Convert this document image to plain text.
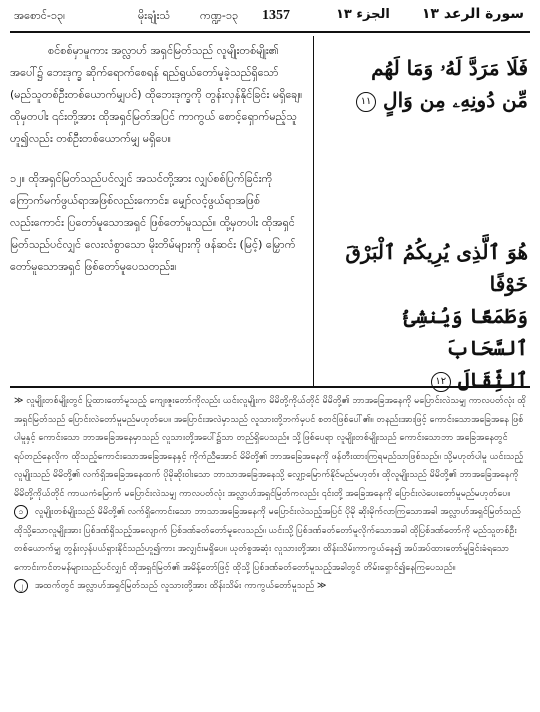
အစောင်-၁၃၊	မိုးချုံးသံ	ကဏ္ဍ-၁၃ 1357	الجزء ۱۳ سورة الرعد ۱۳

စင်စစ်မှာမူကား အလ္လာဟ် အရှင်မြတ်သည် လူမျိုးတစ်မျိုး၏ အပေါ်၌ ဘေးဒုက္ခ ဆိုက်ရောက်စေရန် ရည်ရွယ်တော်မူခဲ့သည်ရှိသော် (မည်သူတစ်ဦးတစ်ယောက်မျှပင်) ထိုဘေးဒုက္ခကို တွန်းလှန်နိုင်ခြင်း မရှိချေ။ ထိုမှတပါး ၎င်းတို့အား ထိုအရှင်မြတ်အပြင် ကာကွယ် စောင့်ရှောက်မည့်သူ ဟူ၍လည်း တစ်ဦးတစ်ယောက်မျှ မရှိပေ။

၁၂။ ထိုအရှင်မြတ်သည်ပင်လျှင် အသင်တို့အား လျှပ်စစ်ပြက်ခြင်းကို ကြောက်မက်ဖွယ်ရာအဖြစ်လည်းကောင်း၊ မျှော်လင့်ဖွယ်ရာအဖြစ်လည်းကောင်း ပြတော်မူသောအရှင် ဖြစ်တော်မူသည်။ ထို့မှတပါး ထိုအရှင်မြတ်သည်ပင်လျှင် လေးလံစွာသော မိုးတိမ်များကို ဖန်ဆင်း (မြင့်) မြှောက်တော်မူသောအရှင် ဖြစ်တော်မူပေသတည်း။

فَلَا مَرَدَّ لَهُۥ وَمَا لَهُم

مِّن دُونِهِۦ مِن وَالٍ ١١

هُوَ ٱلَّذِى يُرِيكُمُ ٱلْبَرْقَ خَوْفًا

وَطَمَعًا وَيُنشِئُ ٱلسَّحَابَ

ٱلثِّقَالَ ١٢

≫ လူမျိုးတစ်မျိုးတွင် ပြုထားတော်မူသည့် ကျေးဇူးတော်ကိုလည်း ယင်းလူမျိုးက မိမိတို့ကိုယ်တိုင် မိမိတို့၏ ဘာအခြေအနေကို မပြောင်းလဲသမျှ ကာလပတ်လုံး ထိုအရှင်မြတ်သည် ပြောင်းလဲတော်မူမည်မဟုတ်ပေ။ အပြောင်းအလဲမှာသည် လူသားတို့ဘက်မှပင် စတင်ဖြစ်ပေါ်၏။ တနည်းအားဖြင့် ကောင်းသောအခြေအနေ ဖြစ်ပါမူနှင့် ကောင်းသော ဘာအခြေအနေမှာသည် လူသားတို့အပေါ်၌သာ တည်ရှိပေသည်။ သို့ဖြစ်ပေရာ လူမျိုးတစ်မျိုးသည် ကောင်းသောဘာ အခြေအနေတွင် ရပ်တည်နေလိုက ထိုသည့်ကောင်းသောအခြေအနေနှင့် ကိုက်ညီအောင် မိမိတို့၏ ဘာအခြေအနေကို ဖန်တီးထားကြရမည်သာဖြစ်သည်။ သို့မဟုတ်ပါမူ ယင်းသည့် လူမျိုးသည် မိမိတို့၏ လက်ရှိအခြေအနေထက် ပိုမိုဆိုးဝါးသော ဘာသာအခြေအနေသို့ လျှော့မြောက်နိုင်မည်မဟုတ်။ ထိုလူမျိုးသည် မိမိတို့၏ ဘာအခြေအနေကို မိမိတို့ကိုယ်တိုင် ကာယကံမြောက် မပြောင်းလဲသမျှ ကာလပတ်လုံး အလ္လာဟ်အရှင်မြတ်ကလည်း ၎င်းတို့ အခြေအနေကို ပြောင်းလဲပေးတော်မူမည်မဟုတ်ပေ။

၁ လူမျိုးတစ်မျိုးသည် မိမိတို့၏ လက်ရှိကောင်းသော ဘာသာအခြေအနေကို မပြောင်းလဲသည့်အပြင် ပိုမို ဆိုးမိုက်လာကြသောအခါ အလ္လာဟ်အရှင်မြတ်သည် ထိုသို့သောလူမျိုးအား ပြစ်ဒဏ်ရှိသည့်အလျောက် ပြစ်ဒဏ်ခတ်တော်မူလေသည်။ ယင်းသို့ ပြစ်ဒဏ်ခတ်တော်မူလိုက်သောအခါ ထိုပြစ်ဒဏ်တော်ကို မည်သူတစ်ဦးတစ်ယောက်မျှ တွန်းလှန်ပယ်ရှားနိုင်သည်ဟူ၍ကား အလျှင်းမရှိပေ။ ယုတ်စွအဆုံး လူသားတို့အား ထိန်းသိမ်းကာကွယ်နေ၍ အပ်အပ်ထားတော်မူခြင်းခံရသော ကောင်းကင်တမန်များသည်ပင်လျှင် ထိုအရှင်မြတ်၏ အမိန့်တော်ဖြင့် ထိုသို့ ပြစ်ဒဏ်ခတ်တော်မူသည့်အခါတွင် တိမ်းရှောင်၍နေကြပေသည်။

၂ အထက်တွင် အလ္လာဟ်အရှင်မြတ်သည် လူသားတို့အား ထိန်းသိမ်း ကာကွယ်တော်မူသည် ≫
